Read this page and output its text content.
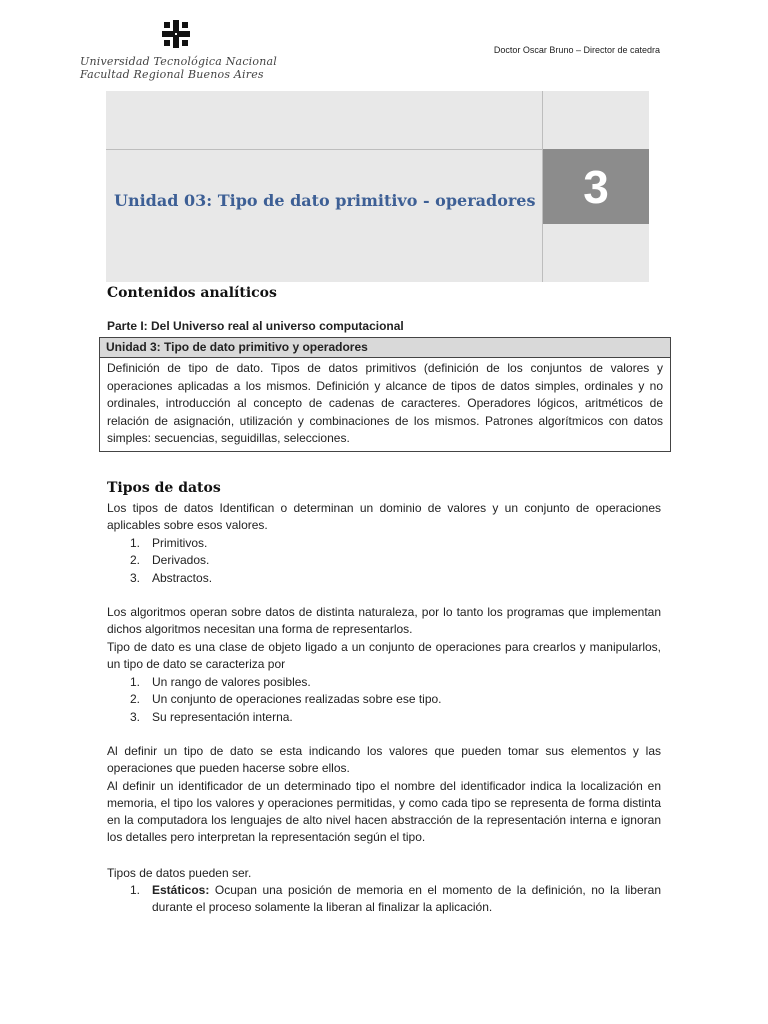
Universidad Tecnológica Nacional
Facultad Regional Buenos Aires
Doctor Oscar Bruno – Director de catedra
Unidad 03: Tipo de dato primitivo - operadores	3
Contenidos analíticos
Parte I: Del Universo real al universo computacional
Unidad 3: Tipo de dato primitivo y operadores
Definición de tipo de dato. Tipos de datos primitivos (definición de los conjuntos de valores y operaciones aplicadas a los mismos. Definición y alcance de tipos de datos simples, ordinales y no ordinales, introducción al concepto de cadenas de caracteres. Operadores lógicos, aritméticos de relación de asignación, utilización y combinaciones de los mismos. Patrones algorítmicos con datos simples: secuencias, seguidillas, selecciones.
Tipos de datos

Los tipos de datos Identifican o determinan un dominio de valores y un conjunto de operaciones aplicables sobre esos valores.

1. Primitivos.
2. Derivados.
3. Abstractos.

Los algoritmos operan sobre datos de distinta naturaleza, por lo tanto los programas que implementan dichos algoritmos necesitan una forma de representarlos.

Tipo de dato es una clase de objeto ligado a un conjunto de operaciones para crearlos y manipularlos, un tipo de dato se caracteriza por

1. Un rango de valores posibles.
2. Un conjunto de operaciones realizadas sobre ese tipo.
3. Su representación interna.

Al definir un tipo de dato se esta indicando los valores que pueden tomar sus elementos y las operaciones que pueden hacerse sobre ellos.

Al definir un identificador de un determinado tipo el nombre del identificador indica la localización en memoria, el tipo los valores y operaciones permitidas, y como cada tipo se representa de forma distinta en la computadora los lenguajes de alto nivel hacen abstracción de la representación interna e ignoran los detalles pero interpretan la representación según el tipo.

Tipos de datos pueden ser.

1. Estáticos: Ocupan una posición de memoria en el momento de la definición, no la liberan durante el proceso solamente la liberan al finalizar la aplicación.
